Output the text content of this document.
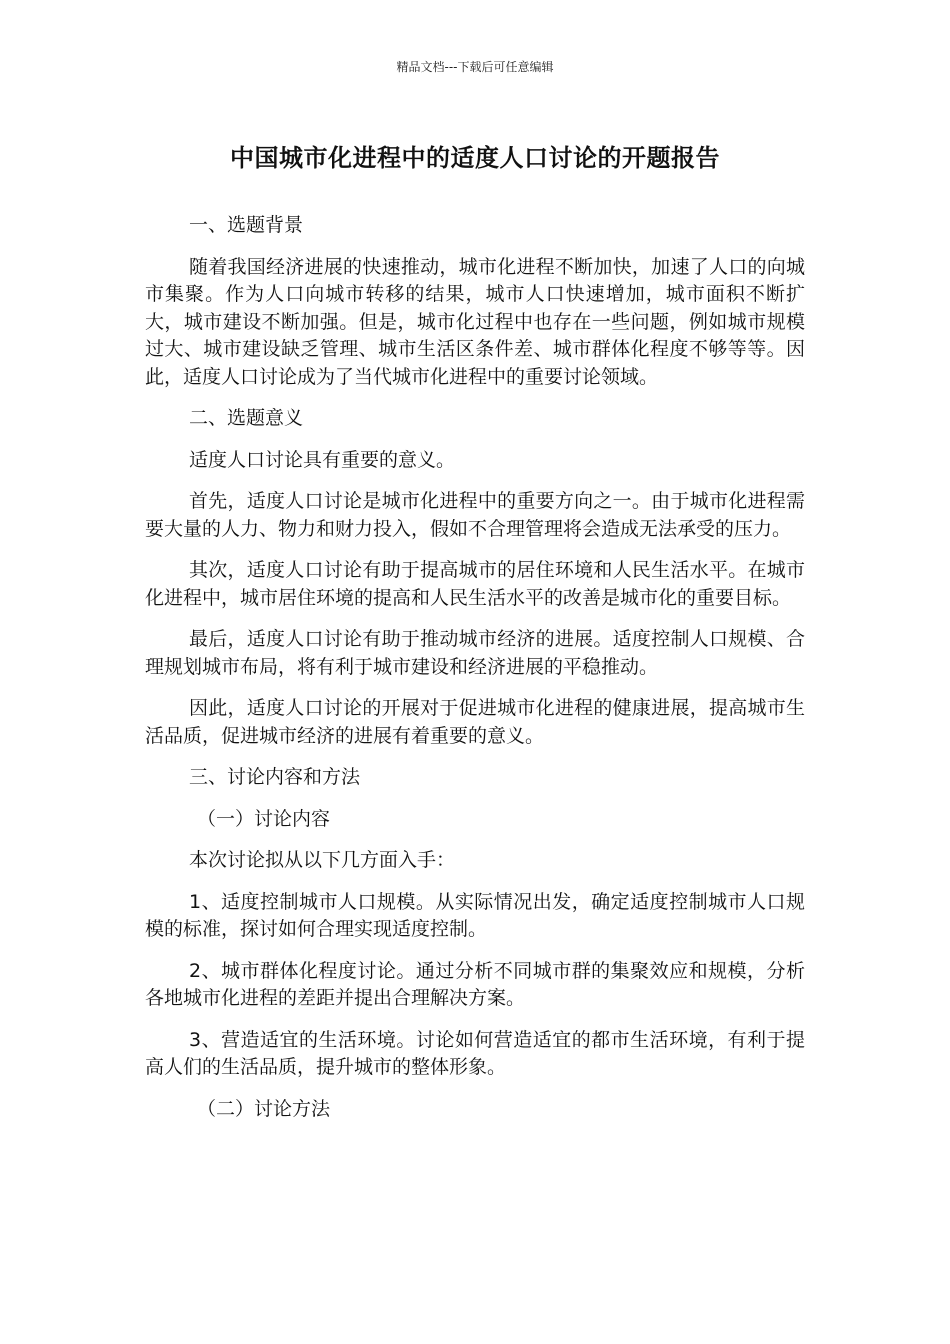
精品文档---下载后可任意编辑
中国城市化进程中的适度人口讨论的开题报告

一、选题背景

随着我国经济进展的快速推动，城市化进程不断加快，加速了人口的向城市集聚。作为人口向城市转移的结果，城市人口快速增加，城市面积不断扩大，城市建设不断加强。但是，城市化过程中也存在一些问题，例如城市规模过大、城市建设缺乏管理、城市生活区条件差、城市群体化程度不够等等。因此，适度人口讨论成为了当代城市化进程中的重要讨论领域。

二、选题意义

适度人口讨论具有重要的意义。

首先，适度人口讨论是城市化进程中的重要方向之一。由于城市化进程需要大量的人力、物力和财力投入，假如不合理管理将会造成无法承受的压力。

其次，适度人口讨论有助于提高城市的居住环境和人民生活水平。在城市化进程中，城市居住环境的提高和人民生活水平的改善是城市化的重要目标。

最后，适度人口讨论有助于推动城市经济的进展。适度控制人口规模、合理规划城市布局，将有利于城市建设和经济进展的平稳推动。

因此，适度人口讨论的开展对于促进城市化进程的健康进展，提高城市生活品质，促进城市经济的进展有着重要的意义。

三、讨论内容和方法

（一）讨论内容

本次讨论拟从以下几方面入手：

1、适度控制城市人口规模。从实际情况出发，确定适度控制城市人口规模的标准，探讨如何合理实现适度控制。

2、城市群体化程度讨论。通过分析不同城市群的集聚效应和规模，分析各地城市化进程的差距并提出合理解决方案。

3、营造适宜的生活环境。讨论如何营造适宜的都市生活环境，有利于提高人们的生活品质，提升城市的整体形象。

（二）讨论方法
